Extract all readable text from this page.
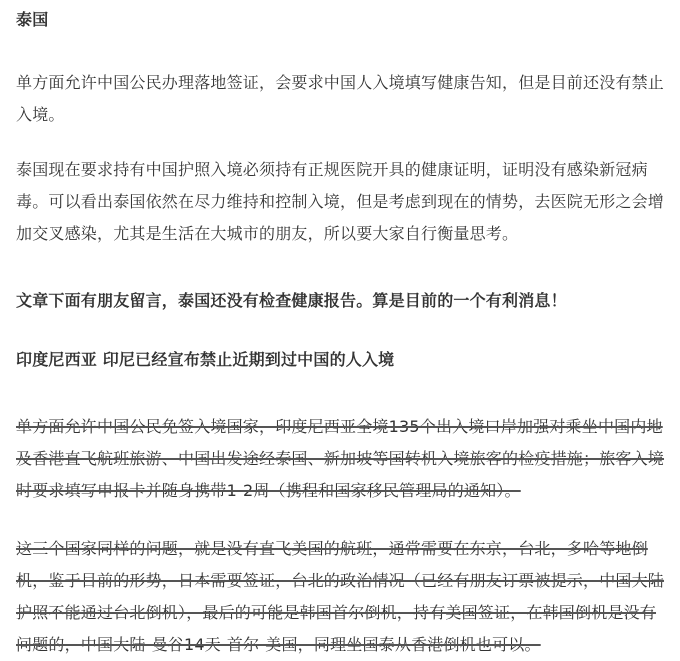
泰国

单方面允许中国公民办理落地签证，会要求中国人入境填写健康告知，但是目前还没有禁止入境。

泰国现在要求持有中国护照入境必须持有正规医院开具的健康证明，证明没有感染新冠病毒。可以看出泰国依然在尽力维持和控制入境，但是考虑到现在的情势，去医院无形之会增加交叉感染，尤其是生活在大城市的朋友，所以要大家自行衡量思考。

文章下面有朋友留言，泰国还没有检查健康报告。算是目前的一个有利消息！

印度尼西亚 印尼已经宣布禁止近期到过中国的人入境

单方面允许中国公民免签入境国家，印度尼西亚全境135个出入境口岸加强对乘坐中国内地及香港直飞航班旅游、中国出发途经泰国、新加坡等国转机入境旅客的检疫措施；旅客入境时要求填写申报卡并随身携带1-2周（携程和国家移民管理局的通知）。

这三个国家同样的问题，就是没有直飞美国的航班，通常需要在东京，台北，多哈等地倒机，鉴于目前的形势，日本需要签证，台北的政治情况（已经有朋友订票被提示，中国大陆护照不能通过台北倒机），最后的可能是韩国首尔倒机，持有美国签证，在韩国倒机是没有问题的，中国大陆-曼谷14天-首尔-美国，同理坐国泰从香港倒机也可以。
